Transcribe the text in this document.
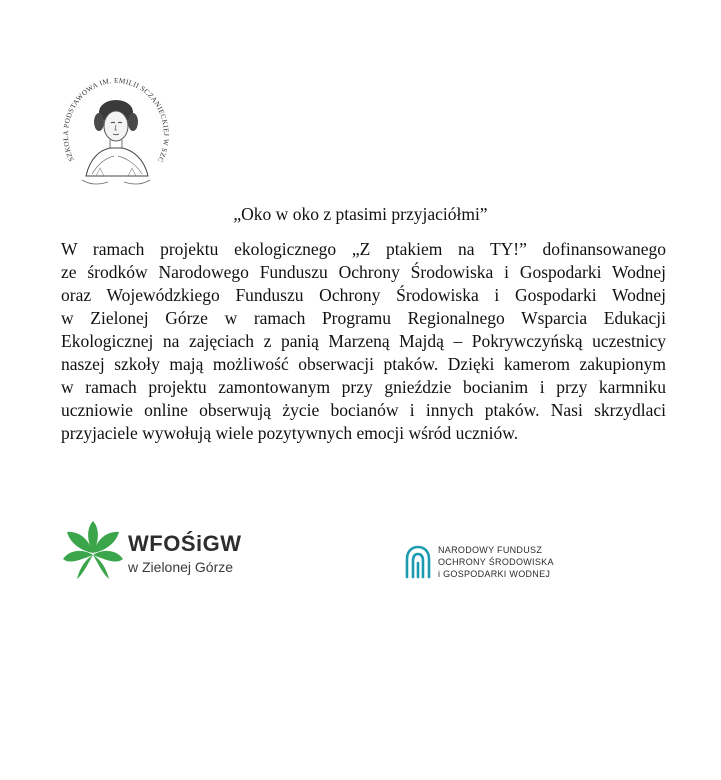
SZKOŁA PODSTAWOWA IM. EMILII SCZANIECKIEJ W SZC
„Oko w oko z ptasimi przyjaciółmi”
W ramach projektu ekologicznego „Z ptakiem na TY!” dofinansowanego
ze środków Narodowego Funduszu Ochrony Środowiska i Gospodarki Wodnej
oraz Wojewódzkiego Funduszu Ochrony Środowiska i Gospodarki Wodnej
w Zielonej Górze w ramach Programu Regionalnego Wsparcia Edukacji
Ekologicznej na zajęciach z panią Marzeną Majdą – Pokrywczyńską uczestnicy
naszej szkoły mają możliwość obserwacji ptaków. Dzięki kamerom zakupionym
w ramach projektu zamontowanym przy gnieździe bocianim i przy karmniku
uczniowie online obserwują życie bocianów i innych ptaków. Nasi skrzydlaci
przyjaciele wywołują wiele pozytywnych emocji wśród uczniów.
WFOŚiGW
w Zielonej Górze
NARODOWY FUNDUSZ
OCHRONY ŚRODOWISKA
i GOSPODARKI WODNEJ
